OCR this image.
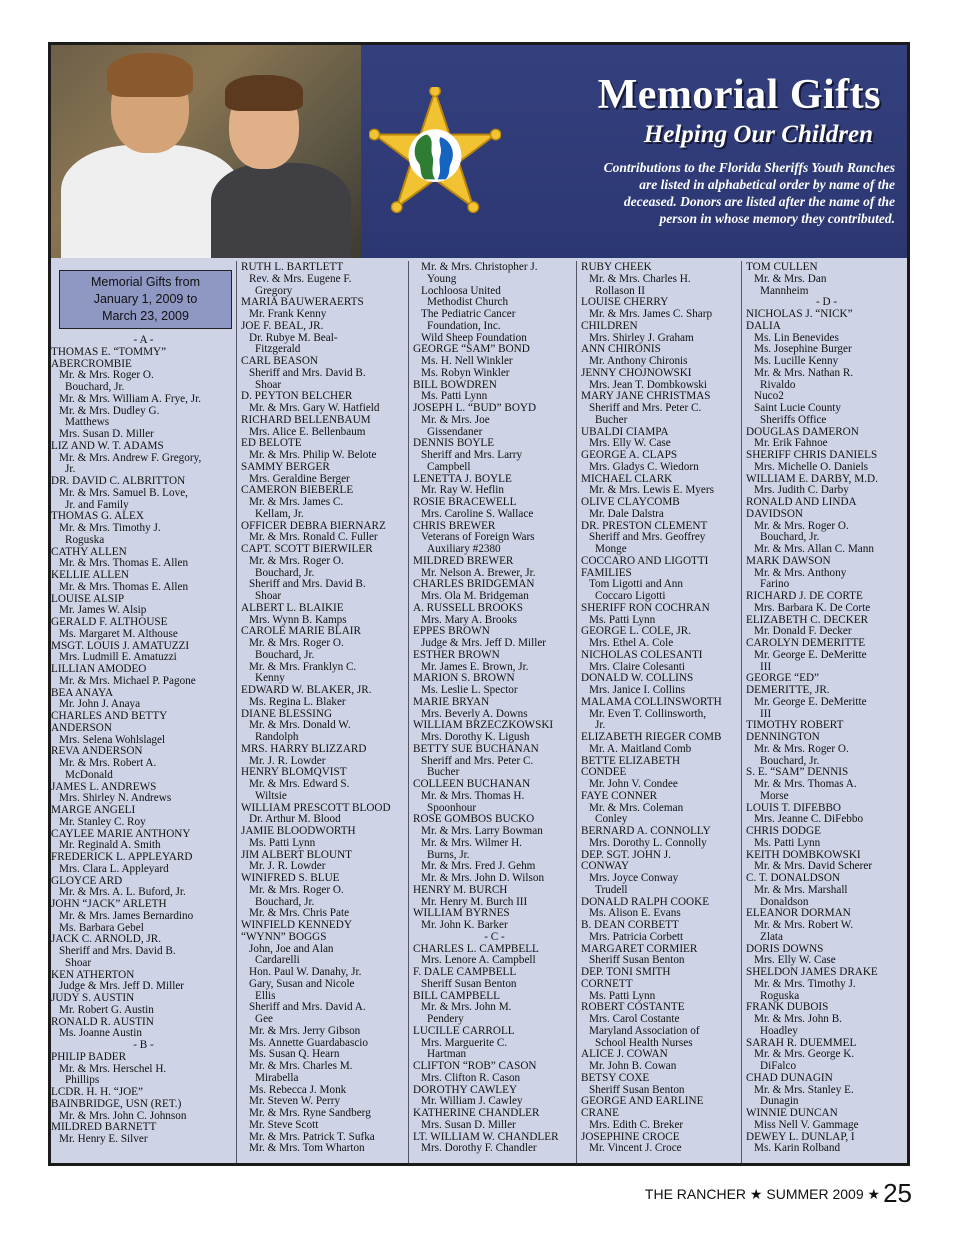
Memorial Gifts
Helping Our Children
Contributions to the Florida Sheriffs Youth Ranches
are listed in alphabetical order by name of the
deceased. Donors are listed after the name of the
person in whose memory they contributed.
Memorial Gifts from
January 1, 2009 to
March 23, 2009
- A -
THOMAS E. “TOMMY”
ABERCROMBIE
Mr. & Mrs. Roger O.
Bouchard, Jr.
Mr. & Mrs. William A. Frye, Jr.
Mr. & Mrs. Dudley G.
Matthews
Mrs. Susan D. Miller
LIZ AND W. T. ADAMS
Mr. & Mrs. Andrew F. Gregory,
Jr.
DR. DAVID C. ALBRITTON
Mr. & Mrs. Samuel B. Love,
Jr. and Family
THOMAS G. ALEX
Mr. & Mrs. Timothy J.
Roguska
CATHY ALLEN
Mr. & Mrs. Thomas E. Allen
KELLIE ALLEN
Mr. & Mrs. Thomas E. Allen
LOUISE ALSIP
Mr. James W. Alsip
GERALD F. ALTHOUSE
Ms. Margaret M. Althouse
MSGT. LOUIS J. AMATUZZI
Mrs. Ludmill E. Amatuzzi
LILLIAN AMODEO
Mr. & Mrs. Michael P. Pagone
BEA ANAYA
Mr. John J. Anaya
CHARLES AND BETTY
ANDERSON
Mrs. Selena Wohlslagel
REVA ANDERSON
Mr. & Mrs. Robert A.
McDonald
JAMES L. ANDREWS
Mrs. Shirley N. Andrews
MARGE ANGELI
Mr. Stanley C. Roy
CAYLEE MARIE ANTHONY
Mr. Reginald A. Smith
FREDERICK L. APPLEYARD
Mrs. Clara L. Appleyard
GLOYCE ARD
Mr. & Mrs. A. L. Buford, Jr.
JOHN “JACK” ARLETH
Mr. & Mrs. James Bernardino
Ms. Barbara Gebel
JACK C. ARNOLD, JR.
Sheriff and Mrs. David B.
Shoar
KEN ATHERTON
Judge & Mrs. Jeff D. Miller
JUDY S. AUSTIN
Mr. Robert G. Austin
RONALD R. AUSTIN
Ms. Joanne Austin
- B -
PHILIP BADER
Mr. & Mrs. Herschel H.
Phillips
LCDR. H. H. “JOE”
BAINBRIDGE, USN (RET.)
Mr. & Mrs. John C. Johnson
MILDRED BARNETT
Mr. Henry E. Silver
RUTH L. BARTLETT
Rev. & Mrs. Eugene F.
Gregory
MARIA BAUWERAERTS
Mr. Frank Kenny
JOE F. BEAL, JR.
Dr. Rubye M. Beal-
Fitzgerald
CARL BEASON
Sheriff and Mrs. David B.
Shoar
D. PEYTON BELCHER
Mr. & Mrs. Gary W. Hatfield
RICHARD BELLENBAUM
Mrs. Alice E. Bellenbaum
ED BELOTE
Mr. & Mrs. Philip W. Belote
SAMMY BERGER
Mrs. Geraldine Berger
CAMERON BIEBERLE
Mr. & Mrs. James C.
Kellam, Jr.
OFFICER DEBRA BIERNARZ
Mr. & Mrs. Ronald C. Fuller
CAPT. SCOTT BIERWILER
Mr. & Mrs. Roger O.
Bouchard, Jr.
Sheriff and Mrs. David B.
Shoar
ALBERT L. BLAIKIE
Mrs. Wynn B. Kamps
CAROLE MARIE BLAIR
Mr. & Mrs. Roger O.
Bouchard, Jr.
Mr. & Mrs. Franklyn C.
Kenny
EDWARD W. BLAKER, JR.
Ms. Regina L. Blaker
DIANE BLESSING
Mr. & Mrs. Donald W.
Randolph
MRS. HARRY BLIZZARD
Mr. J. R. Lowder
HENRY BLOMQVIST
Mr. & Mrs. Edward S.
Wiltsie
WILLIAM PRESCOTT BLOOD
Dr. Arthur M. Blood
JAMIE BLOODWORTH
Ms. Patti Lynn
JIM ALBERT BLOUNT
Mr. J. R. Lowder
WINIFRED S. BLUE
Mr. & Mrs. Roger O.
Bouchard, Jr.
Mr. & Mrs. Chris Pate
WINFIELD KENNEDY
“WYNN” BOGGS
John, Joe and Alan
Cardarelli
Hon. Paul W. Danahy, Jr.
Gary, Susan and Nicole
Ellis
Sheriff and Mrs. David A.
Gee
Mr. & Mrs. Jerry Gibson
Ms. Annette Guardabascio
Ms. Susan Q. Hearn
Mr. & Mrs. Charles M.
Mirabella
Ms. Rebecca J. Monk
Mr. Steven W. Perry
Mr. & Mrs. Ryne Sandberg
Mr. Steve Scott
Mr. & Mrs. Patrick T. Sufka
Mr. & Mrs. Tom Wharton
Mr. & Mrs. Christopher J.
Young
Lochloosa United
Methodist Church
The Pediatric Cancer
Foundation, Inc.
Wild Sheep Foundation
GEORGE “SAM” BOND
Ms. H. Nell Winkler
Ms. Robyn Winkler
BILL BOWDREN
Ms. Patti Lynn
JOSEPH L. “BUD” BOYD
Mr. & Mrs. Joe
Gissendaner
DENNIS BOYLE
Sheriff and Mrs. Larry
Campbell
LENETTA J. BOYLE
Mr. Ray W. Heflin
ROSIE BRACEWELL
Mrs. Caroline S. Wallace
CHRIS BREWER
Veterans of Foreign Wars
Auxiliary #2380
MILDRED BREWER
Mr. Nelson A. Brewer, Jr.
CHARLES BRIDGEMAN
Mrs. Ola M. Bridgeman
A. RUSSELL BROOKS
Mrs. Mary A. Brooks
EPPES BROWN
Judge & Mrs. Jeff D. Miller
ESTHER BROWN
Mr. James E. Brown, Jr.
MARION S. BROWN
Ms. Leslie L. Spector
MARIE BRYAN
Mrs. Beverly A. Downs
WILLIAM BRZECZKOWSKI
Mrs. Dorothy K. Ligush
BETTY SUE BUCHANAN
Sheriff and Mrs. Peter C.
Bucher
COLLEEN BUCHANAN
Mr. & Mrs. Thomas H.
Spoonhour
ROSE GOMBOS BUCKO
Mr. & Mrs. Larry Bowman
Mr. & Mrs. Wilmer H.
Burns, Jr.
Mr. & Mrs. Fred J. Gehm
Mr. & Mrs. John D. Wilson
HENRY M. BURCH
Mr. Henry M. Burch III
WILLIAM BYRNES
Mr. John K. Barker
- C -
CHARLES L. CAMPBELL
Mrs. Lenore A. Campbell
F. DALE CAMPBELL
Sheriff Susan Benton
BILL CAMPBELL
Mr. & Mrs. John M.
Pendery
LUCILLE CARROLL
Mrs. Marguerite C.
Hartman
CLIFTON “ROB” CASON
Mrs. Clifton R. Cason
DOROTHY CAWLEY
Mr. William J. Cawley
KATHERINE CHANDLER
Mrs. Susan D. Miller
LT. WILLIAM W. CHANDLER
Mrs. Dorothy F. Chandler
RUBY CHEEK
Mr. & Mrs. Charles H.
Rollason II
LOUISE CHERRY
Mr. & Mrs. James C. Sharp
CHILDREN
Mrs. Shirley J. Graham
ANN CHIRONIS
Mr. Anthony Chironis
JENNY CHOJNOWSKI
Mrs. Jean T. Dombkowski
MARY JANE CHRISTMAS
Sheriff and Mrs. Peter C.
Bucher
UBALDI CIAMPA
Mrs. Elly W. Case
GEORGE A. CLAPS
Mrs. Gladys C. Wiedorn
MICHAEL CLARK
Mr. & Mrs. Lewis E. Myers
OLIVE CLAYCOMB
Mr. Dale Dalstra
DR. PRESTON CLEMENT
Sheriff and Mrs. Geoffrey
Monge
COCCARO AND LIGOTTI
FAMILIES
Tom Ligotti and Ann
Coccaro Ligotti
SHERIFF RON COCHRAN
Ms. Patti Lynn
GEORGE L. COLE, JR.
Mrs. Ethel A. Cole
NICHOLAS COLESANTI
Mrs. Claire Colesanti
DONALD W. COLLINS
Mrs. Janice I. Collins
MALAMA COLLINSWORTH
Mr. Even T. Collinsworth,
Jr.
ELIZABETH RIEGER COMB
Mr. A. Maitland Comb
BETTE ELIZABETH
CONDEE
Mr. John V. Condee
FAYE CONNER
Mr. & Mrs. Coleman
Conley
BERNARD A. CONNOLLY
Mrs. Dorothy L. Connolly
DEP. SGT. JOHN J.
CONWAY
Mrs. Joyce Conway
Trudell
DONALD RALPH COOKE
Ms. Alison E. Evans
B. DEAN CORBETT
Mrs. Patricia Corbett
MARGARET CORMIER
Sheriff Susan Benton
DEP. TONI SMITH
CORNETT
Ms. Patti Lynn
ROBERT COSTANTE
Mrs. Carol Costante
Maryland Association of
School Health Nurses
ALICE J. COWAN
Mr. John B. Cowan
BETSY COXE
Sheriff Susan Benton
GEORGE AND EARLINE
CRANE
Mrs. Edith C. Breker
JOSEPHINE CROCE
Mr. Vincent J. Croce
TOM CULLEN
Mr. & Mrs. Dan
Mannheim
- D -
NICHOLAS J. “NICK”
DALIA
Ms. Lin Benevides
Ms. Josephine Burger
Ms. Lucille Kenny
Mr. & Mrs. Nathan R.
Rivaldo
Nuco2
Saint Lucie County
Sheriffs Office
DOUGLAS DAMERON
Mr. Erik Fahnoe
SHERIFF CHRIS DANIELS
Mrs. Michelle O. Daniels
WILLIAM E. DARBY, M.D.
Mrs. Judith C. Darby
RONALD AND LINDA
DAVIDSON
Mr. & Mrs. Roger O.
Bouchard, Jr.
Mr. & Mrs. Allan C. Mann
MARK DAWSON
Mr. & Mrs. Anthony
Farino
RICHARD J. DE CORTE
Mrs. Barbara K. De Corte
ELIZABETH C. DECKER
Mr. Donald F. Decker
CAROLYN DEMERITTE
Mr. George E. DeMeritte
III
GEORGE “ED”
DEMERITTE, JR.
Mr. George E. DeMeritte
III
TIMOTHY ROBERT
DENNINGTON
Mr. & Mrs. Roger O.
Bouchard, Jr.
S. E. “SAM” DENNIS
Mr. & Mrs. Thomas A.
Morse
LOUIS T. DIFEBBO
Mrs. Jeanne C. DiFebbo
CHRIS DODGE
Ms. Patti Lynn
KEITH DOMBKOWSKI
Mr. & Mrs. David Scherer
C. T. DONALDSON
Mr. & Mrs. Marshall
Donaldson
ELEANOR DORMAN
Mr. & Mrs. Robert W.
Zlata
DORIS DOWNS
Mrs. Elly W. Case
SHELDON JAMES DRAKE
Mr. & Mrs. Timothy J.
Roguska
FRANK DUBOIS
Mr. & Mrs. John B.
Hoadley
SARAH R. DUEMMEL
Mr. & Mrs. George K.
DiFalco
CHAD DUNAGIN
Mr. & Mrs. Stanley E.
Dunagin
WINNIE DUNCAN
Miss Nell V. Gammage
DEWEY L. DUNLAP, I
Ms. Karin Rolband
THE RANCHER ★ SUMMER 2009 ★ 25
